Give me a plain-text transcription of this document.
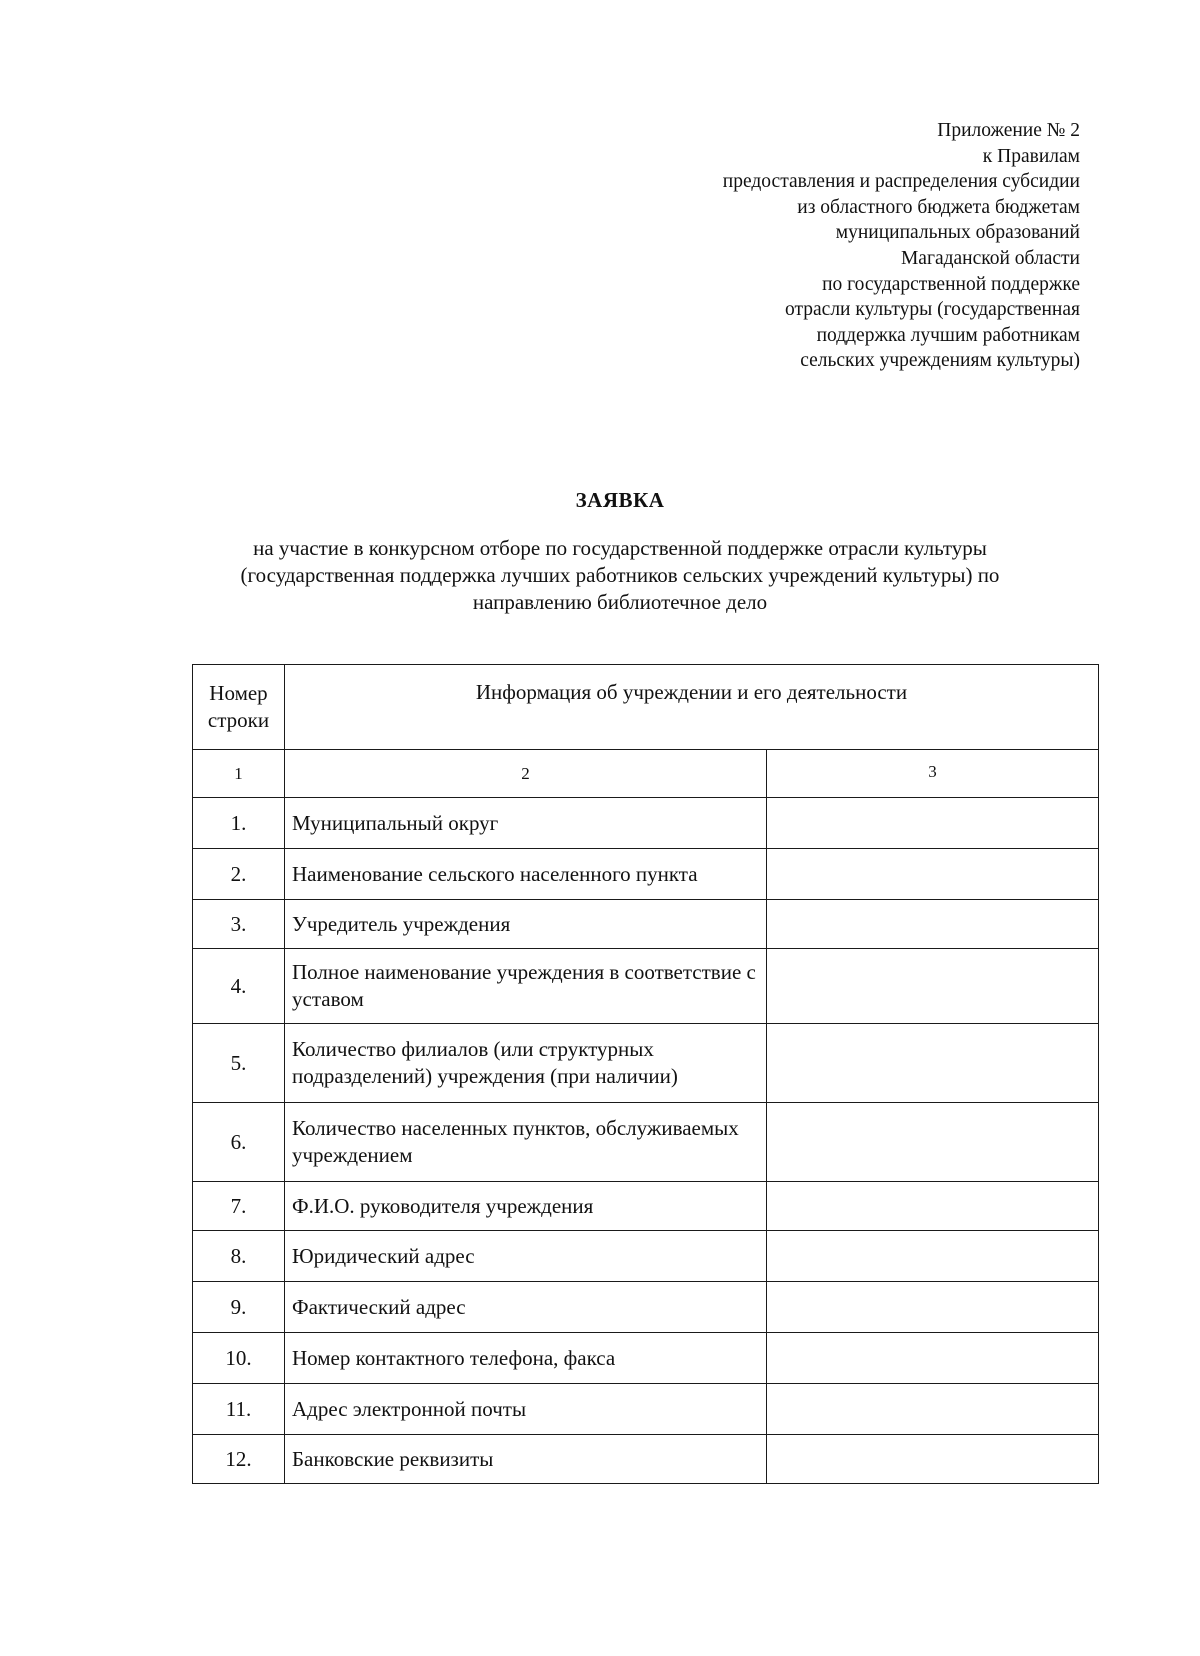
Приложение № 2
к Правилам
предоставления и распределения субсидии
из областного бюджета бюджетам
муниципальных образований
Магаданской области
по государственной поддержке
отрасли культуры (государственная
поддержка лучшим работникам
сельских учреждениям культуры)
ЗАЯВКА
на участие в конкурсном отборе по государственной поддержке отрасли культуры
(государственная поддержка лучших работников сельских учреждений культуры) по
направлению библиотечное дело
Номер
строки	Информация об учреждении и его деятельности	
1	2	3
1.	Муниципальный округ	
2.	Наименование сельского населенного пункта	
3.	Учредитель учреждения	
4.	Полное наименование учреждения в соответствие с уставом	
5.	Количество филиалов (или структурных подразделений) учреждения (при наличии)	
6.	Количество населенных пунктов, обслуживаемых учреждением	
7.	Ф.И.О. руководителя учреждения	
8.	Юридический адрес	
9.	Фактический адрес	
10.	Номер контактного телефона, факса	
11.	Адрес электронной почты	
12.	Банковские реквизиты	
